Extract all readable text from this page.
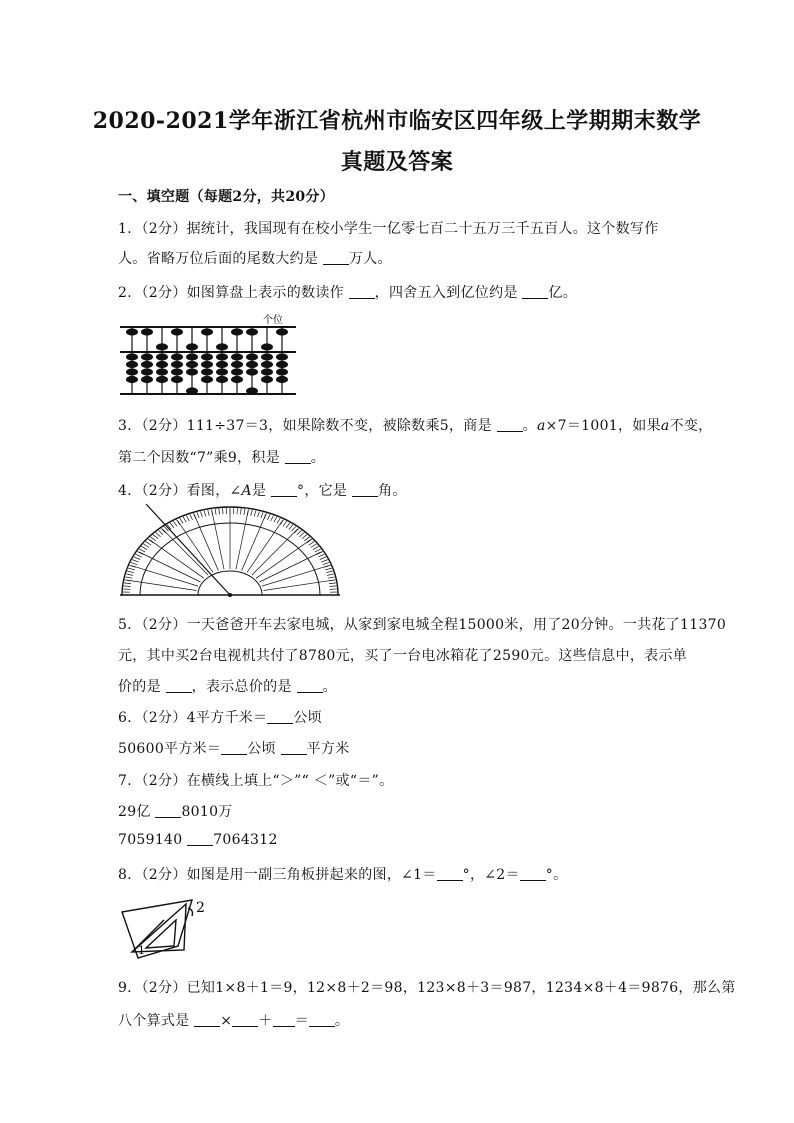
2020-2021学年浙江省杭州市临安区四年级上学期期末数学
真题及答案
一、填空题（每题2分，共20分）
1．（2分）据统计，我国现有在校小学生一亿零七百二十五万三千五百人。这个数写作
人。省略万位后面的尾数大约是 万人。
2．（2分）如图算盘上表示的数读作 ，四舍五入到亿位约是 亿。
个位
3．（2分）111÷37＝3，如果除数不变，被除数乘5，商是 。a×7＝1001，如果a不变，
第二个因数“7”乘9，积是 。
4．（2分）看图，∠A是 °，它是 角。
5．（2分）一天爸爸开车去家电城，从家到家电城全程15000米，用了20分钟。一共花了11370
元，其中买2台电视机共付了8780元，买了一台电冰箱花了2590元。这些信息中，表示单
价的是 ，表示总价的是 。
6．（2分）4平方千米＝ 公顷
50600平方米＝ 公顷 平方米
7．（2分）在横线上填上“＞”“ ＜”或“＝”。
29亿 8010万
7059140 7064312
8．（2分）如图是用一副三角板拼起来的图，∠1＝ °，∠2＝ °。
2
1
9．（2分）已知1×8＋1＝9，12×8＋2＝98，123×8＋3＝987，1234×8＋4＝9876，那么第
八个算式是 × ＋ ＝ 。
